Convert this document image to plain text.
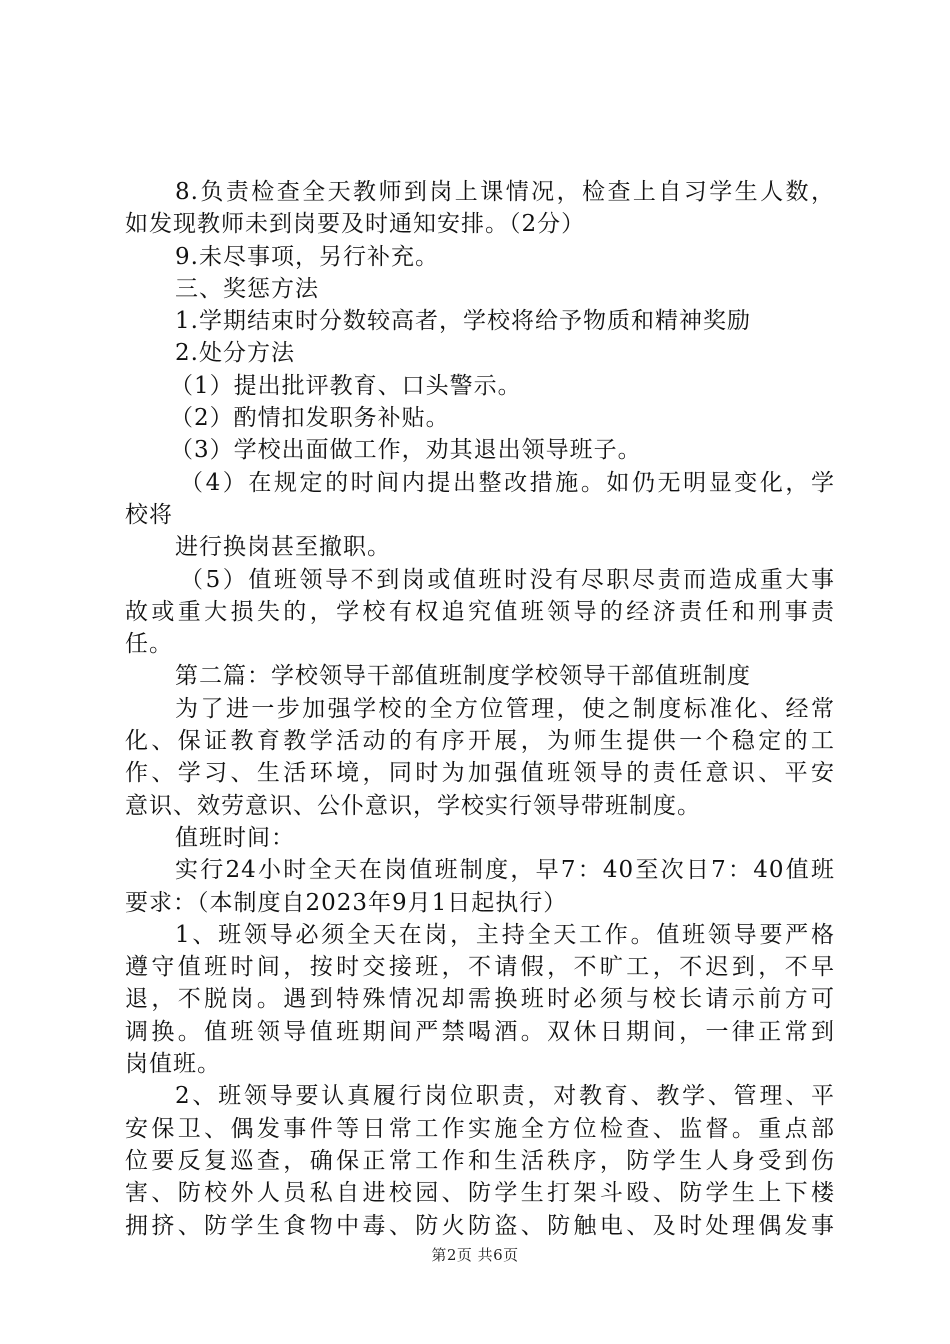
8.负责检查全天教师到岗上课情况，检查上自习学生人数，
如发现教师未到岗要及时通知安排。（2分）
9.未尽事项，另行补充。
三、奖惩方法
1.学期结束时分数较高者，学校将给予物质和精神奖励
2.处分方法
（1）提出批评教育、口头警示。
（2）酌情扣发职务补贴。
（3）学校出面做工作，劝其退出领导班子。
（4）在规定的时间内提出整改措施。如仍无明显变化，学
校将
进行换岗甚至撤职。
（5）值班领导不到岗或值班时没有尽职尽责而造成重大事
故或重大损失的，学校有权追究值班领导的经济责任和刑事责
任。
第二篇：学校领导干部值班制度学校领导干部值班制度
为了进一步加强学校的全方位管理，使之制度标准化、经常
化、保证教育教学活动的有序开展，为师生提供一个稳定的工
作、学习、生活环境，同时为加强值班领导的责任意识、平安
意识、效劳意识、公仆意识，学校实行领导带班制度。
值班时间：
实行24小时全天在岗值班制度，早7：40至次日7：40值班
要求：（本制度自2023年9月1日起执行）
1、班领导必须全天在岗，主持全天工作。值班领导要严格
遵守值班时间，按时交接班，不请假，不旷工，不迟到，不早
退，不脱岗。遇到特殊情况却需换班时必须与校长请示前方可
调换。值班领导值班期间严禁喝酒。双休日期间，一律正常到
岗值班。
2、班领导要认真履行岗位职责，对教育、教学、管理、平
安保卫、偶发事件等日常工作实施全方位检查、监督。重点部
位要反复巡查，确保正常工作和生活秩序，防学生人身受到伤
害、防校外人员私自进校园、防学生打架斗殴、防学生上下楼
拥挤、防学生食物中毒、防火防盗、防触电、及时处理偶发事
第2页 共6页
